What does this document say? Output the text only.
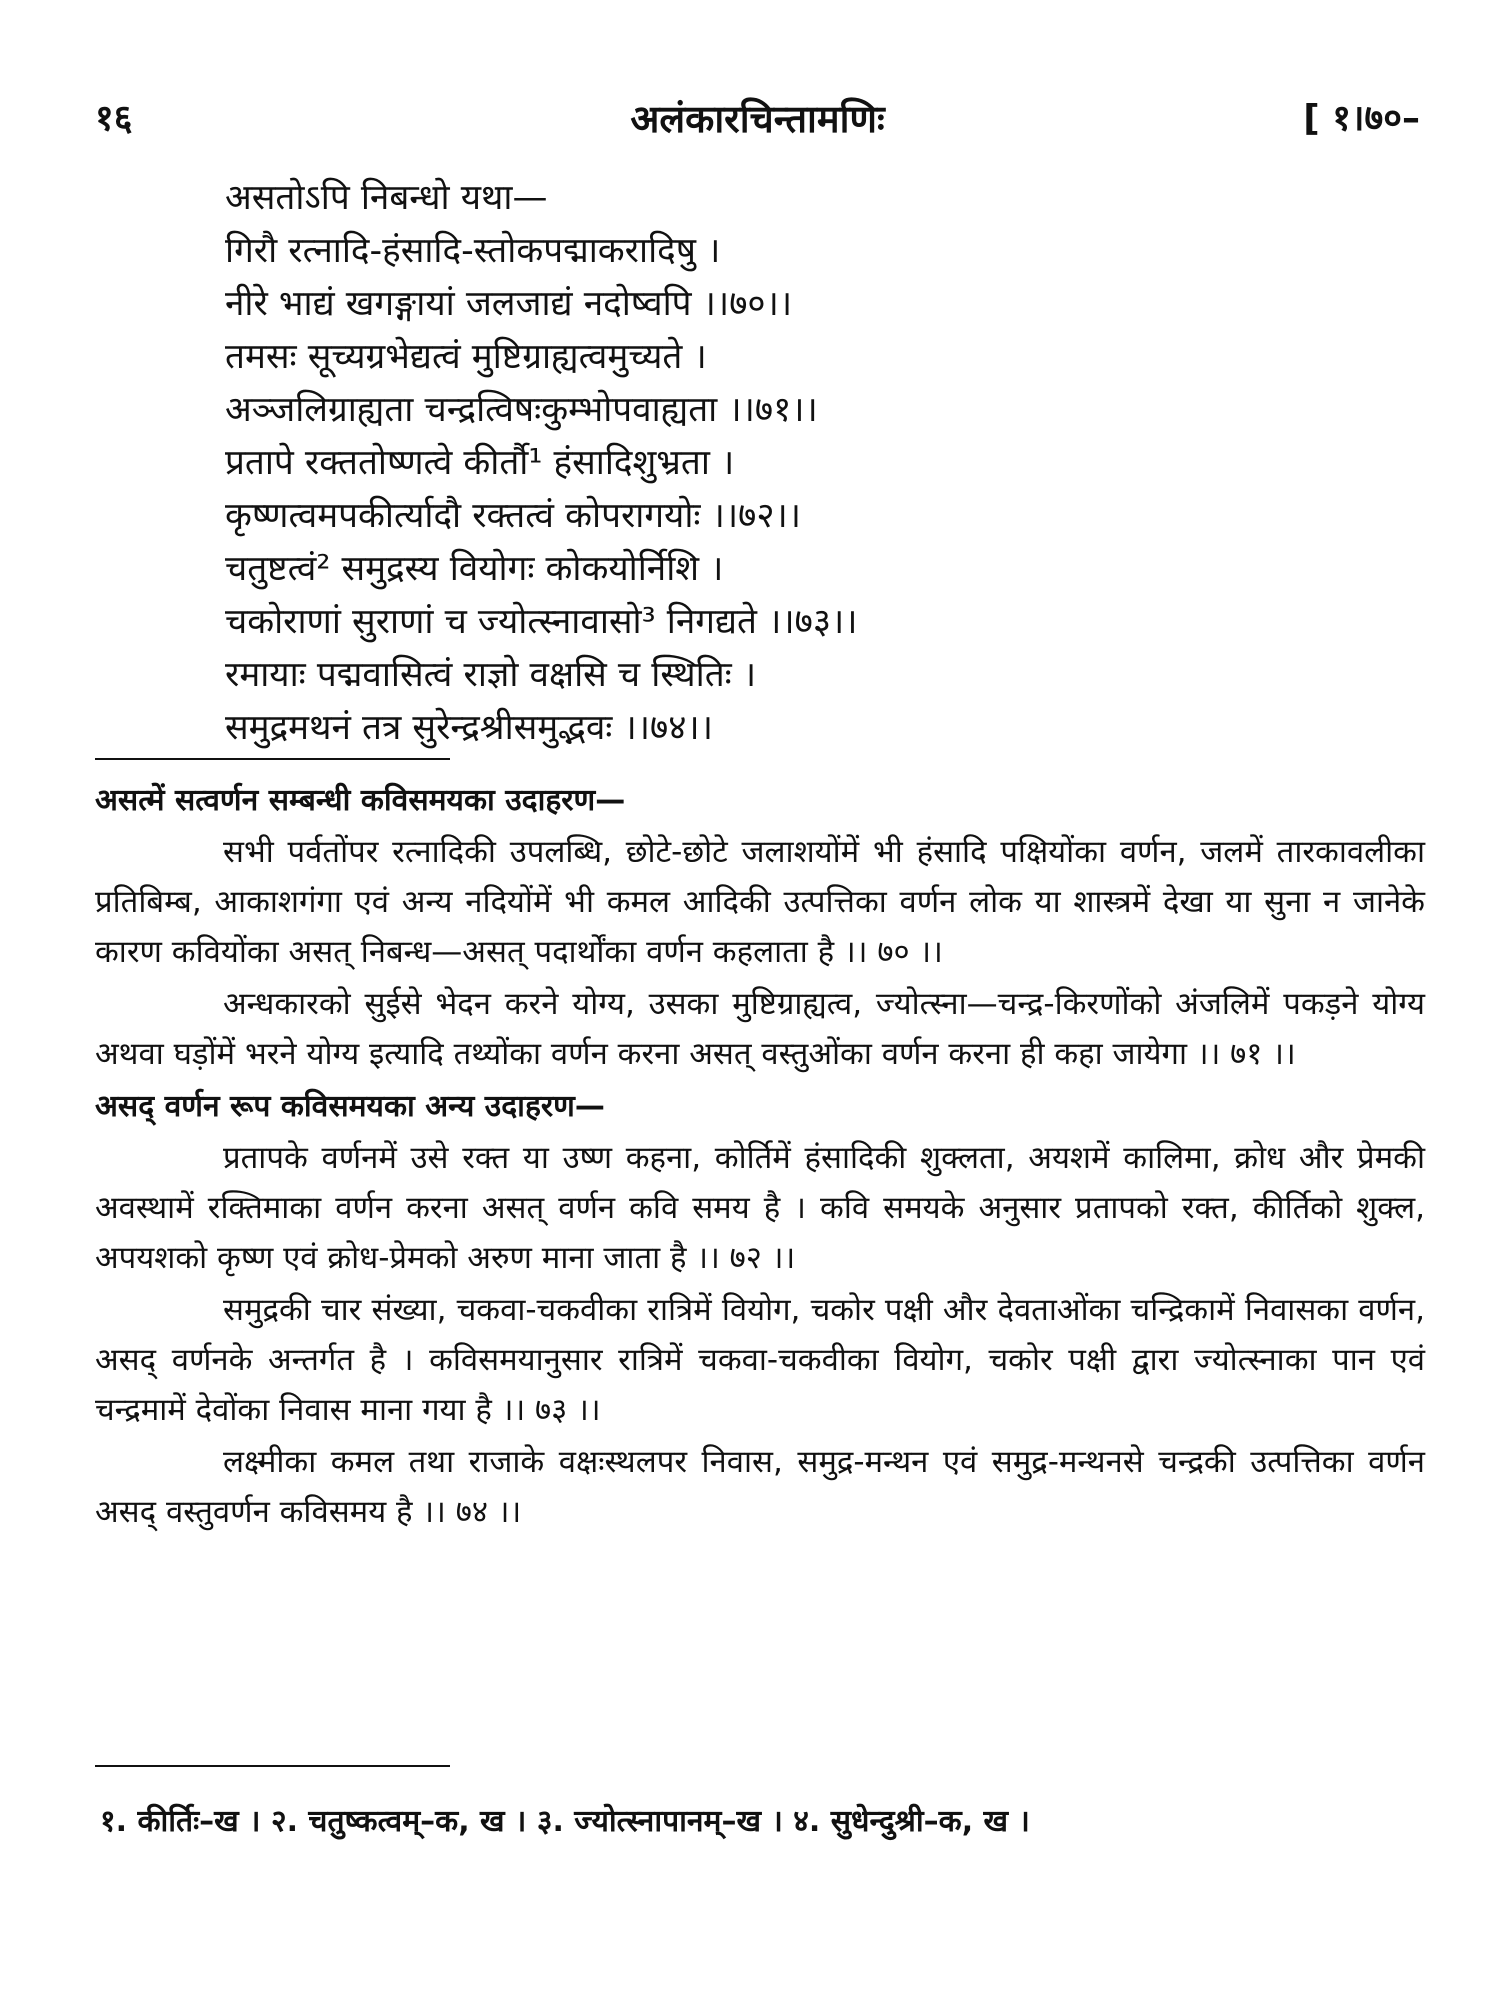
१६	अलंकारचिन्तामणिः	[ १।७०–
असतोऽपि निबन्धो यथा—
गिरौ रत्नादि-हंसादि-स्तोकपद्माकरादिषु ।
नीरे भाद्यं खगङ्गायां जलजाद्यं नदोष्वपि ।।७०।।
तमसः सूच्यग्रभेद्यत्वं मुष्टिग्राह्यत्वमुच्यते ।
अञ्जलिग्राह्यता चन्द्रत्विषःकुम्भोपवाह्यता ।।७१।।
प्रतापे रक्ततोष्णत्वे कीर्तौ¹ हंसादिशुभ्रता ।
कृष्णत्वमपकीर्त्यादौ रक्तत्वं कोपरागयोः ।।७२।।
चतुष्टत्वं² समुद्रस्य वियोगः कोकयोर्निशि ।
चकोराणां सुराणां च ज्योत्स्नावासो³ निगद्यते ।।७३।।
रमायाः पद्मवासित्वं राज्ञो वक्षसि च स्थितिः ।
समुद्रमथनं तत्र सुरेन्द्रश्रीसमुद्भवः ।।७४।।

असत्में सत्वर्णन सम्बन्धी कविसमयका उदाहरण—

सभी पर्वतोंपर रत्नादिकी उपलब्धि, छोटे-छोटे जलाशयोंमें भी हंसादि पक्षियोंका वर्णन, जलमें तारकावलीका प्रतिबिम्ब, आकाशगंगा एवं अन्य नदियोंमें भी कमल आदिकी उत्पत्तिका वर्णन लोक या शास्त्रमें देखा या सुना न जानेके कारण कवियोंका असत् निबन्ध—असत् पदार्थोंका वर्णन कहलाता है ।। ७० ।।

अन्धकारको सुईसे भेदन करने योग्य, उसका मुष्टिग्राह्यत्व, ज्योत्स्ना—चन्द्र-किरणोंको अंजलिमें पकड़ने योग्य अथवा घड़ोंमें भरने योग्य इत्यादि तथ्योंका वर्णन करना असत् वस्तुओंका वर्णन करना ही कहा जायेगा ।। ७१ ।।

असद् वर्णन रूप कविसमयका अन्य उदाहरण—

प्रतापके वर्णनमें उसे रक्त या उष्ण कहना, कोर्तिमें हंसादिकी शुक्लता, अयशमें कालिमा, क्रोध और प्रेमकी अवस्थामें रक्तिमाका वर्णन करना असत् वर्णन कवि समय है । कवि समयके अनुसार प्रतापको रक्त, कीर्तिको शुक्ल, अपयशको कृष्ण एवं क्रोध-प्रेमको अरुण माना जाता है ।। ७२ ।।

समुद्रकी चार संख्या, चकवा-चकवीका रात्रिमें वियोग, चकोर पक्षी और देवताओंका चन्द्रिकामें निवासका वर्णन, असद् वर्णनके अन्तर्गत है । कविसमयानुसार रात्रिमें चकवा-चकवीका वियोग, चकोर पक्षी द्वारा ज्योत्स्नाका पान एवं चन्द्रमामें देवोंका निवास माना गया है ।। ७३ ।।

लक्ष्मीका कमल तथा राजाके वक्षःस्थलपर निवास, समुद्र-मन्थन एवं समुद्र-मन्थनसे चन्द्रकी उत्पत्तिका वर्णन असद् वस्तुवर्णन कविसमय है ।। ७४ ।।

१. कीर्तिः–ख । २. चतुष्कत्वम्–क, ख । ३. ज्योत्स्नापानम्–ख । ४. सुधेन्दुश्री–क, ख ।
